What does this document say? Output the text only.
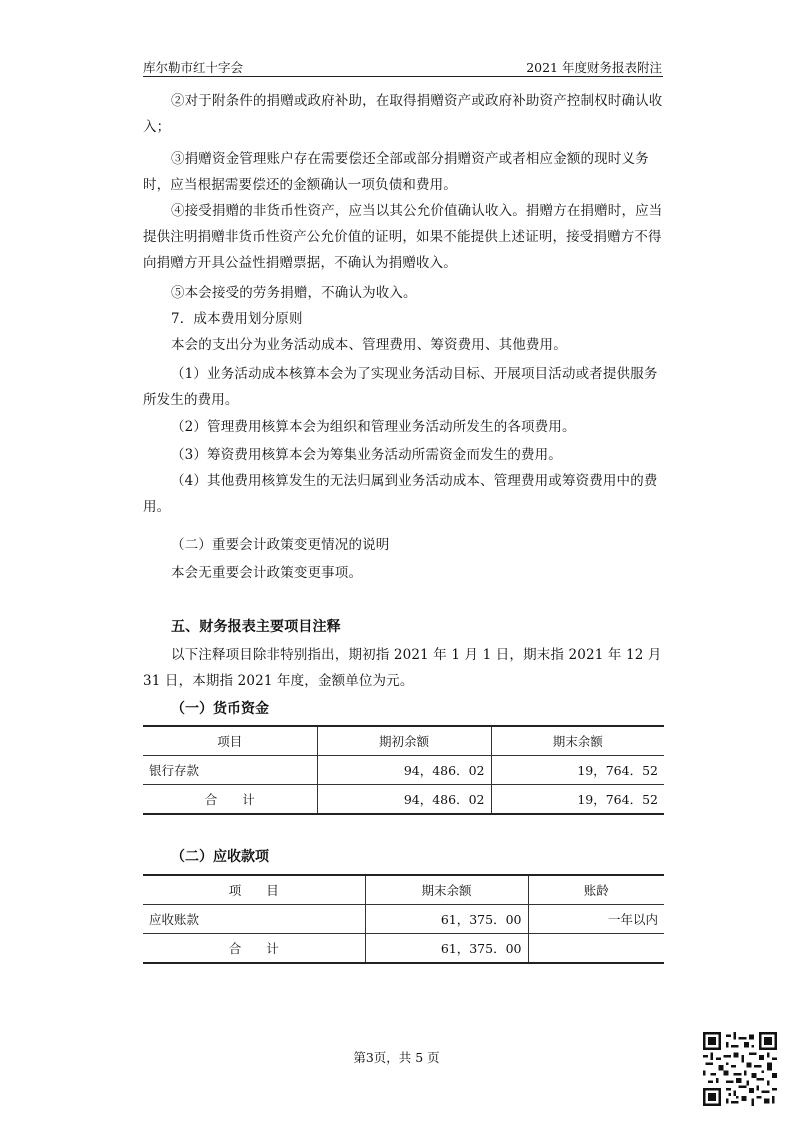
库尔勒市红十字会	2021 年度财务报表附注

②对于附条件的捐赠或政府补助，在取得捐赠资产或政府补助资产控制权时确认收入；

③捐赠资金管理账户存在需要偿还全部或部分捐赠资产或者相应金额的现时义务时，应当根据需要偿还的金额确认一项负债和费用。

④接受捐赠的非货币性资产，应当以其公允价值确认收入。捐赠方在捐赠时，应当提供注明捐赠非货币性资产公允价值的证明，如果不能提供上述证明，接受捐赠方不得向捐赠方开具公益性捐赠票据，不确认为捐赠收入。

⑤本会接受的劳务捐赠，不确认为收入。

7．成本费用划分原则

本会的支出分为业务活动成本、管理费用、筹资费用、其他费用。

（1）业务活动成本核算本会为了实现业务活动目标、开展项目活动或者提供服务所发生的费用。

（2）管理费用核算本会为组织和管理业务活动所发生的各项费用。

（3）筹资费用核算本会为筹集业务活动所需资金而发生的费用。

（4）其他费用核算发生的无法归属到业务活动成本、管理费用或筹资费用中的费用。

（二）重要会计政策变更情况的说明

本会无重要会计政策变更事项。

五、财务报表主要项目注释

以下注释项目除非特别指出，期初指 2021 年 1 月 1 日，期末指 2021 年 12 月 31 日，本期指 2021 年度，金额单位为元。

（一）货币资金
项目	期初余额	期末余额
银行存款	94，486．02	19，764．52
合　　计	94，486．02	19，764．52
（二）应收款项
项　　目	期末余额	账龄
应收账款	61，375．00	一年以内
合　　计	61，375．00	
第3页，共 5 页
